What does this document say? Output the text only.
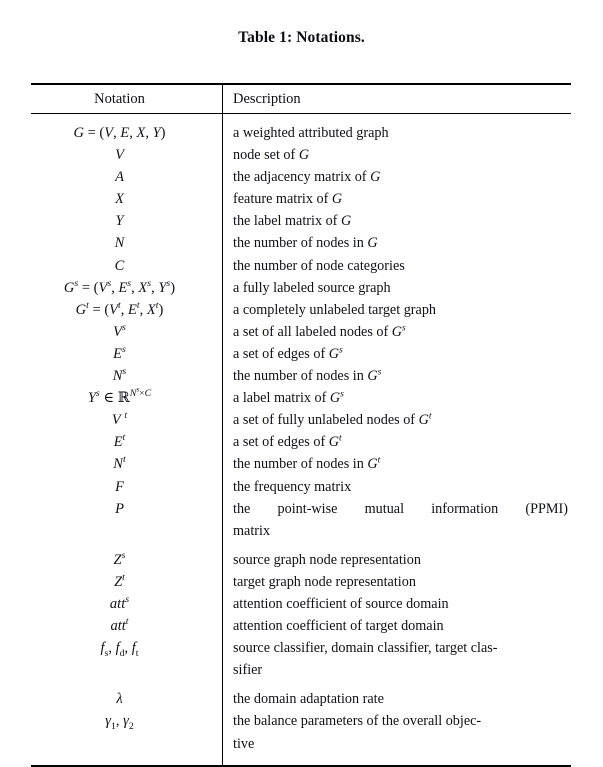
Table 1: Notations.
Notation	Description
G = (V, E, X, Y)	a weighted attributed graph
V	node set of G
A	the adjacency matrix of G
X	feature matrix of G
Y	the label matrix of G
N	the number of nodes in G
C	the number of node categories
$G^s = (V^s$, $E^s$, $X^s$, $Y^s$)	a fully labeled source graph
$G^t = (V^t$, $E^t$, $X^t$)	a completely unlabeled target graph
$V^s$	a set of all labeled nodes of $G^s$
$E^s$	a set of edges of $G^s$
$N^s$	the number of nodes in $G^s$
$Y^s$ ∈ ℝ$^{N^s\times C}$	a label matrix of $G^s$
V $^t$	a set of fully unlabeled nodes of $G^t$
$E^t$	a set of edges of $G^t$
$N^t$	the number of nodes in $G^t$
F	the frequency matrix
P	the point-wise mutual information (PPMI)
matrix
$Z^s$	source graph node representation
$Z^t$	target graph node representation
att$^s$	attention coefficient of source domain
att$^t$	attention coefficient of target domain
$f_s$, $f_d$, $f_t$	source classifier, domain classifier, target clas-
sifier
λ	the domain adaptation rate
$\gamma_1$, $\gamma_2$	the balance parameters of the overall objec-
tive
